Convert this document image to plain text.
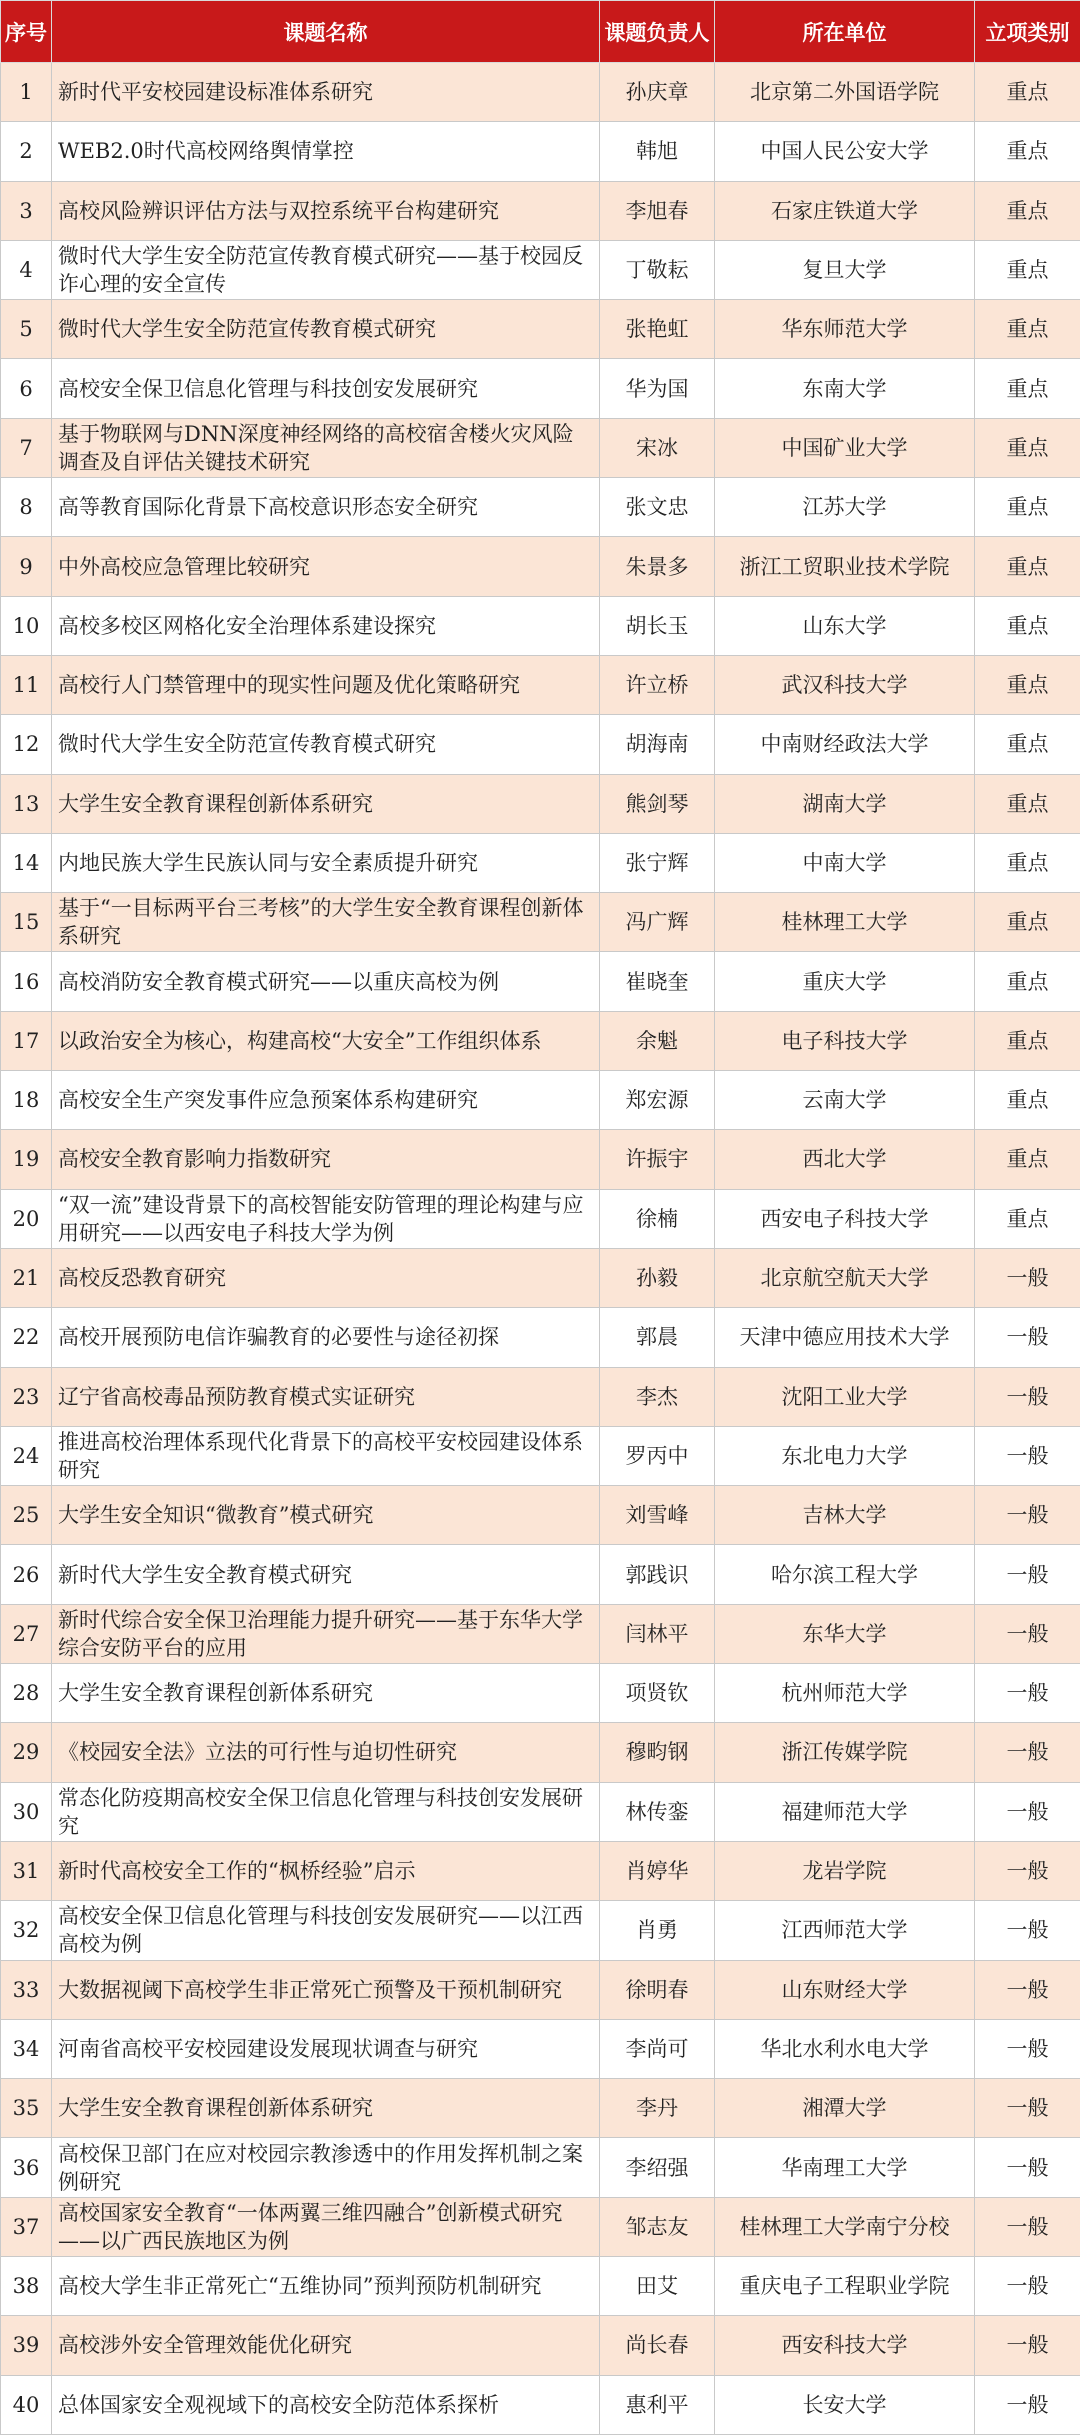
序号	课题名称	课题负责人	所在单位	立项类别
1	新时代平安校园建设标准体系研究	孙庆章	北京第二外国语学院	重点
2	WEB2.0时代高校网络舆情掌控	韩旭	中国人民公安大学	重点
3	高校风险辨识评估方法与双控系统平台构建研究	李旭春	石家庄铁道大学	重点
4	微时代大学生安全防范宣传教育模式研究——基于校园反诈心理的安全宣传	丁敬耘	复旦大学	重点
5	微时代大学生安全防范宣传教育模式研究	张艳虹	华东师范大学	重点
6	高校安全保卫信息化管理与科技创安发展研究	华为国	东南大学	重点
7	基于物联网与DNN深度神经网络的高校宿舍楼火灾风险调查及自评估关键技术研究	宋冰	中国矿业大学	重点
8	高等教育国际化背景下高校意识形态安全研究	张文忠	江苏大学	重点
9	中外高校应急管理比较研究	朱景多	浙江工贸职业技术学院	重点
10	高校多校区网格化安全治理体系建设探究	胡长玉	山东大学	重点
11	高校行人门禁管理中的现实性问题及优化策略研究	许立桥	武汉科技大学	重点
12	微时代大学生安全防范宣传教育模式研究	胡海南	中南财经政法大学	重点
13	大学生安全教育课程创新体系研究	熊剑琴	湖南大学	重点
14	内地民族大学生民族认同与安全素质提升研究	张宁辉	中南大学	重点
15	基于“一目标两平台三考核”的大学生安全教育课程创新体系研究	冯广辉	桂林理工大学	重点
16	高校消防安全教育模式研究——以重庆高校为例	崔晓奎	重庆大学	重点
17	以政治安全为核心，构建高校“大安全”工作组织体系	余魁	电子科技大学	重点
18	高校安全生产突发事件应急预案体系构建研究	郑宏源	云南大学	重点
19	高校安全教育影响力指数研究	许振宇	西北大学	重点
20	“双一流”建设背景下的高校智能安防管理的理论构建与应用研究——以西安电子科技大学为例	徐楠	西安电子科技大学	重点
21	高校反恐教育研究	孙毅	北京航空航天大学	一般
22	高校开展预防电信诈骗教育的必要性与途径初探	郭晨	天津中德应用技术大学	一般
23	辽宁省高校毒品预防教育模式实证研究	李杰	沈阳工业大学	一般
24	推进高校治理体系现代化背景下的高校平安校园建设体系研究	罗丙中	东北电力大学	一般
25	大学生安全知识“微教育”模式研究	刘雪峰	吉林大学	一般
26	新时代大学生安全教育模式研究	郭践识	哈尔滨工程大学	一般
27	新时代综合安全保卫治理能力提升研究——基于东华大学综合安防平台的应用	闫林平	东华大学	一般
28	大学生安全教育课程创新体系研究	项贤钦	杭州师范大学	一般
29	《校园安全法》立法的可行性与迫切性研究	穆畇钢	浙江传媒学院	一般
30	常态化防疫期高校安全保卫信息化管理与科技创安发展研究	林传銮	福建师范大学	一般
31	新时代高校安全工作的“枫桥经验”启示	肖婷华	龙岩学院	一般
32	高校安全保卫信息化管理与科技创安发展研究——以江西高校为例	肖勇	江西师范大学	一般
33	大数据视阈下高校学生非正常死亡预警及干预机制研究	徐明春	山东财经大学	一般
34	河南省高校平安校园建设发展现状调查与研究	李尚可	华北水利水电大学	一般
35	大学生安全教育课程创新体系研究	李丹	湘潭大学	一般
36	高校保卫部门在应对校园宗教渗透中的作用发挥机制之案例研究	李绍强	华南理工大学	一般
37	高校国家安全教育“一体两翼三维四融合”创新模式研究——以广西民族地区为例	邹志友	桂林理工大学南宁分校	一般
38	高校大学生非正常死亡“五维协同”预判预防机制研究	田艾	重庆电子工程职业学院	一般
39	高校涉外安全管理效能优化研究	尚长春	西安科技大学	一般
40	总体国家安全观视域下的高校安全防范体系探析	惠利平	长安大学	一般
